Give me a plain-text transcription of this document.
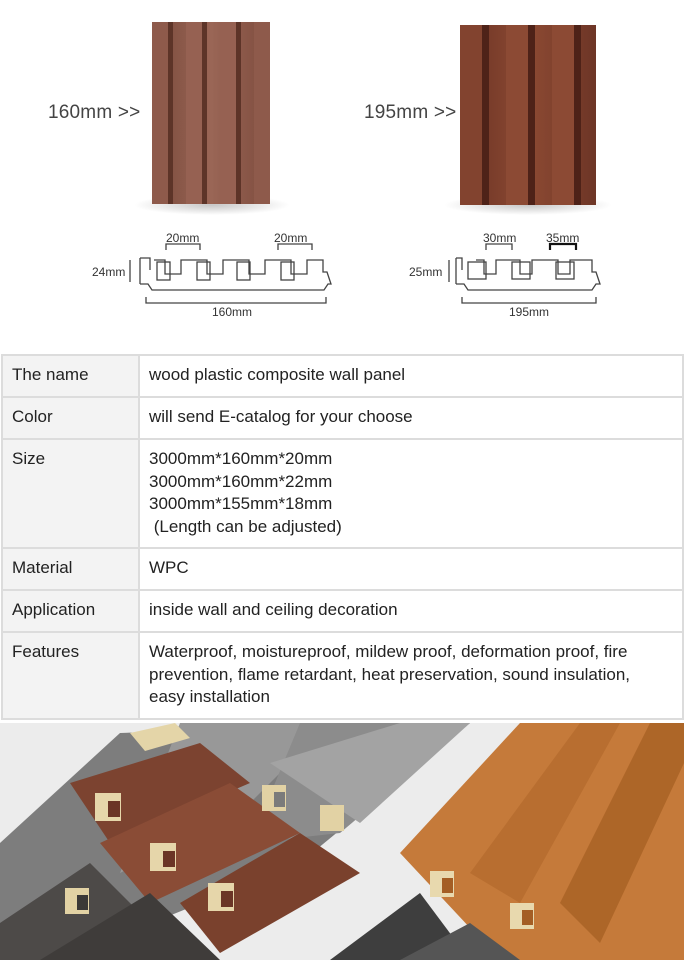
160mm >>	195mm >>
20mm	20mm
24mm
160mm
30mm 35mm
25mm
195mm
The name	wood plastic composite wall panel

Color	will send E-catalog for your choose

Size	3000mm*160mm*20mm
3000mm*160mm*22mm
3000mm*155mm*18mm
(Length can be adjusted)

Material	WPC

Application	inside wall and ceiling decoration

Features	Waterproof, moistureproof, mildew proof, deformation proof, fire
prevention, flame retardant, heat preservation, sound insulation,
easy installation
